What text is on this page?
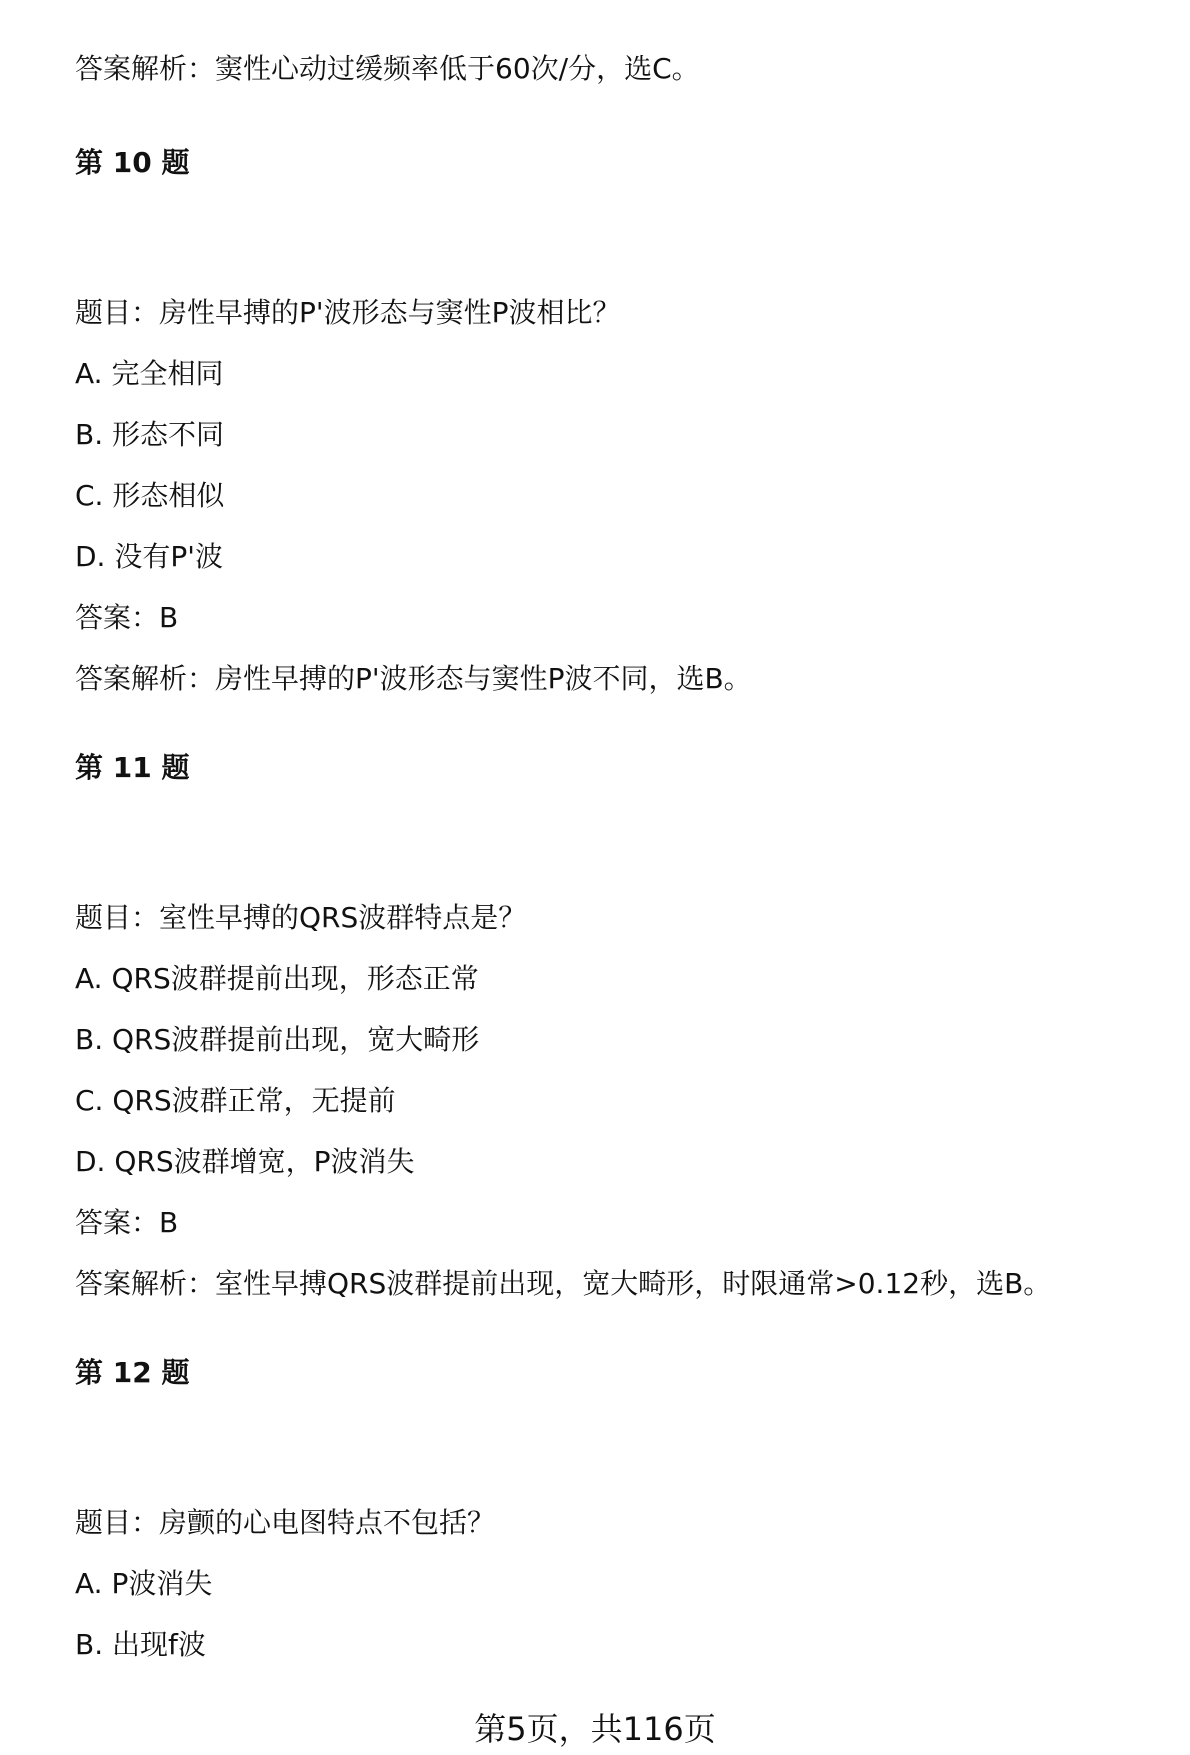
答案解析：窦性心动过缓频率低于60次/分，选C。
第 10 题
题目：房性早搏的P'波形态与窦性P波相比？
A. 完全相同
B. 形态不同
C. 形态相似
D. 没有P'波
答案：B
答案解析：房性早搏的P'波形态与窦性P波不同，选B。
第 11 题
题目：室性早搏的QRS波群特点是？
A. QRS波群提前出现，形态正常
B. QRS波群提前出现，宽大畸形
C. QRS波群正常，无提前
D. QRS波群增宽，P波消失
答案：B
答案解析：室性早搏QRS波群提前出现，宽大畸形，时限通常>0.12秒，选B。
第 12 题
题目：房颤的心电图特点不包括？
A. P波消失
B. 出现f波
第5页，共116页
